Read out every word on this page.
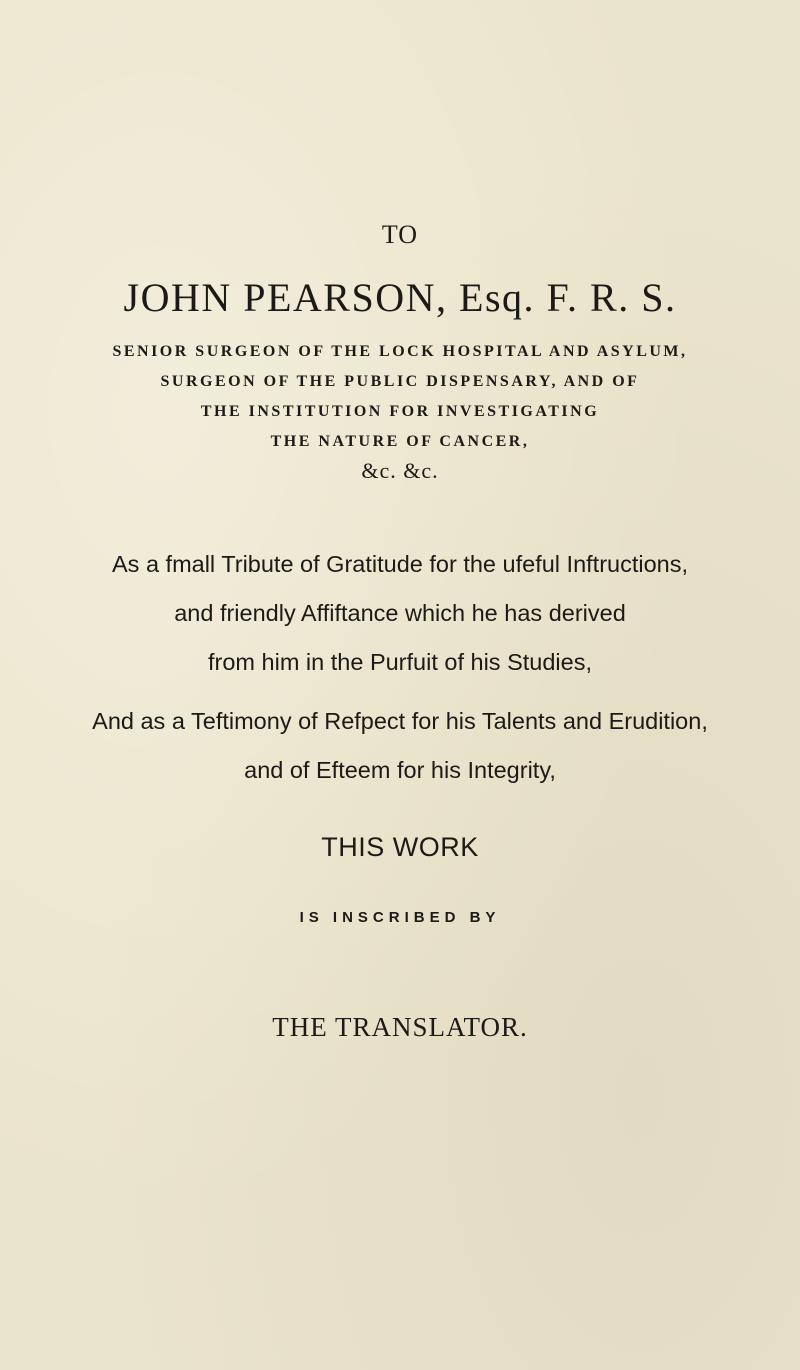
TO
JOHN PEARSON, Esq. F. R. S.
SENIOR SURGEON OF THE LOCK HOSPITAL AND ASYLUM,
SURGEON OF THE PUBLIC DISPENSARY, AND OF
THE INSTITUTION FOR INVESTIGATING
THE NATURE OF CANCER,
&c. &c.
As a fmall Tribute of Gratitude for the ufeful Inftructions,
and friendly Affiftance which he has derived
from him in the Purfuit of his Studies,
And as a Teftimony of Refpect for his Talents and Erudition,
and of Efteem for his Integrity,
THIS WORK
IS INSCRIBED BY
THE TRANSLATOR.
